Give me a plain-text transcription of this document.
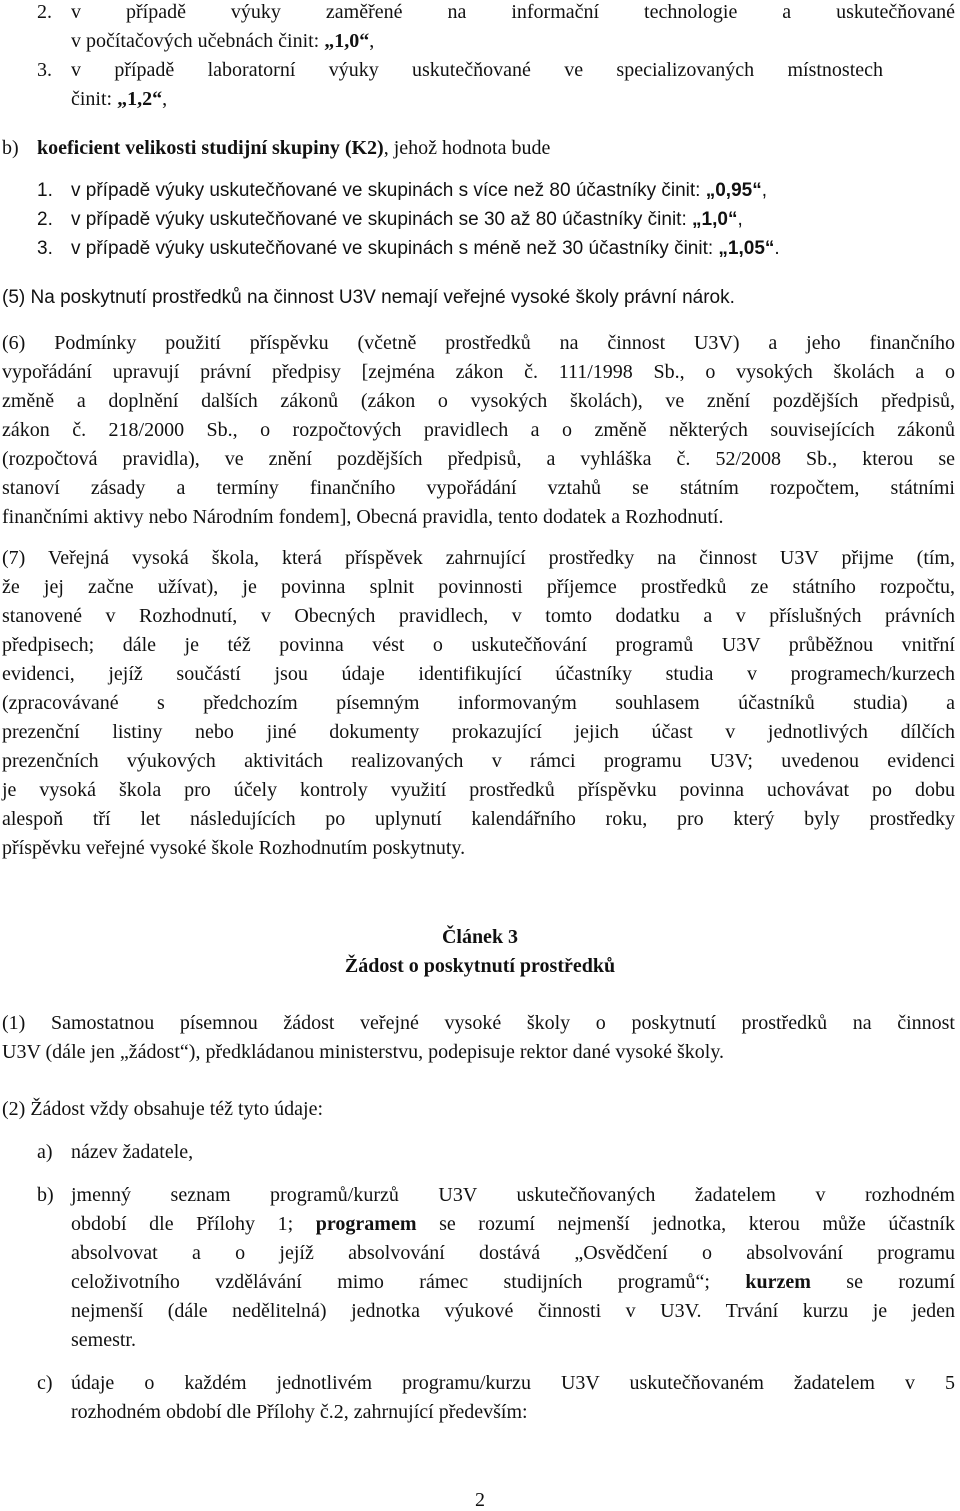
2. v případě výuky zaměřené na informační technologie a uskutečňované
v počítačových učebnách činit: „1,0“,
3. v případě laboratorní výuky uskutečňované ve specializovaných místnostech
činit: „1,2“,
b) koeficient velikosti studijní skupiny (K2), jehož hodnota bude
1. v případě výuky uskutečňované ve skupinách s více než 80 účastníky činit: „0,95“,
2. v případě výuky uskutečňované ve skupinách se 30 až 80 účastníky činit: „1,0“,
3. v případě výuky uskutečňované ve skupinách s méně než 30 účastníky činit: „1,05“.
(5) Na poskytnutí prostředků na činnost U3V nemají veřejné vysoké školy právní nárok.
(6) Podmínky použití příspěvku (včetně prostředků na činnost U3V) a jeho finančního
vypořádání upravují právní předpisy [zejména zákon č. 111/1998 Sb., o vysokých školách a o
změně a doplnění dalších zákonů (zákon o vysokých školách), ve znění pozdějších předpisů,
zákon č. 218/2000 Sb., o rozpočtových pravidlech a o změně některých souvisejících zákonů
(rozpočtová pravidla), ve znění pozdějších předpisů, a vyhláška č. 52/2008 Sb., kterou se
stanoví zásady a termíny finančního vypořádání vztahů se státním rozpočtem, státními
finančními aktivy nebo Národním fondem], Obecná pravidla, tento dodatek a Rozhodnutí.
(7) Veřejná vysoká škola, která příspěvek zahrnující prostředky na činnost U3V přijme (tím,
že jej začne užívat), je povinna splnit povinnosti příjemce prostředků ze státního rozpočtu,
stanovené v Rozhodnutí, v Obecných pravidlech, v tomto dodatku a v příslušných právních
předpisech; dále je též povinna vést o uskutečňování programů U3V průběžnou vnitřní
evidenci, jejíž součástí jsou údaje identifikující účastníky studia v programech/kurzech
(zpracovávané s předchozím písemným informovaným souhlasem účastníků studia) a
prezenční listiny nebo jiné dokumenty prokazující jejich účast v jednotlivých dílčích
prezenčních výukových aktivitách realizovaných v rámci programu U3V; uvedenou evidenci
je vysoká škola pro účely kontroly využití prostředků příspěvku povinna uchovávat po dobu
alespoň tří let následujících po uplynutí kalendářního roku, pro který byly prostředky
příspěvku veřejné vysoké škole Rozhodnutím poskytnuty.
Článek 3
Žádost o poskytnutí prostředků
(1) Samostatnou písemnou žádost veřejné vysoké školy o poskytnutí prostředků na činnost
U3V (dále jen „žádost“), předkládanou ministerstvu, podepisuje rektor dané vysoké školy.
(2) Žádost vždy obsahuje též tyto údaje:
a) název žadatele,
b) jmenný seznam programů/kurzů U3V uskutečňovaných žadatelem v rozhodném
období dle Přílohy 1; programem se rozumí nejmenší jednotka, kterou může účastník
absolvovat a o jejíž absolvování dostává „Osvědčení o absolvování programu
celoživotního vzdělávání mimo rámec studijních programů“; kurzem se rozumí
nejmenší (dále nedělitelná) jednotka výukové činnosti v U3V. Trvání kurzu je jeden
semestr.
c) údaje o každém jednotlivém programu/kurzu U3V uskutečňovaném žadatelem v 5
rozhodném období dle Přílohy č.2, zahrnující především:
2
